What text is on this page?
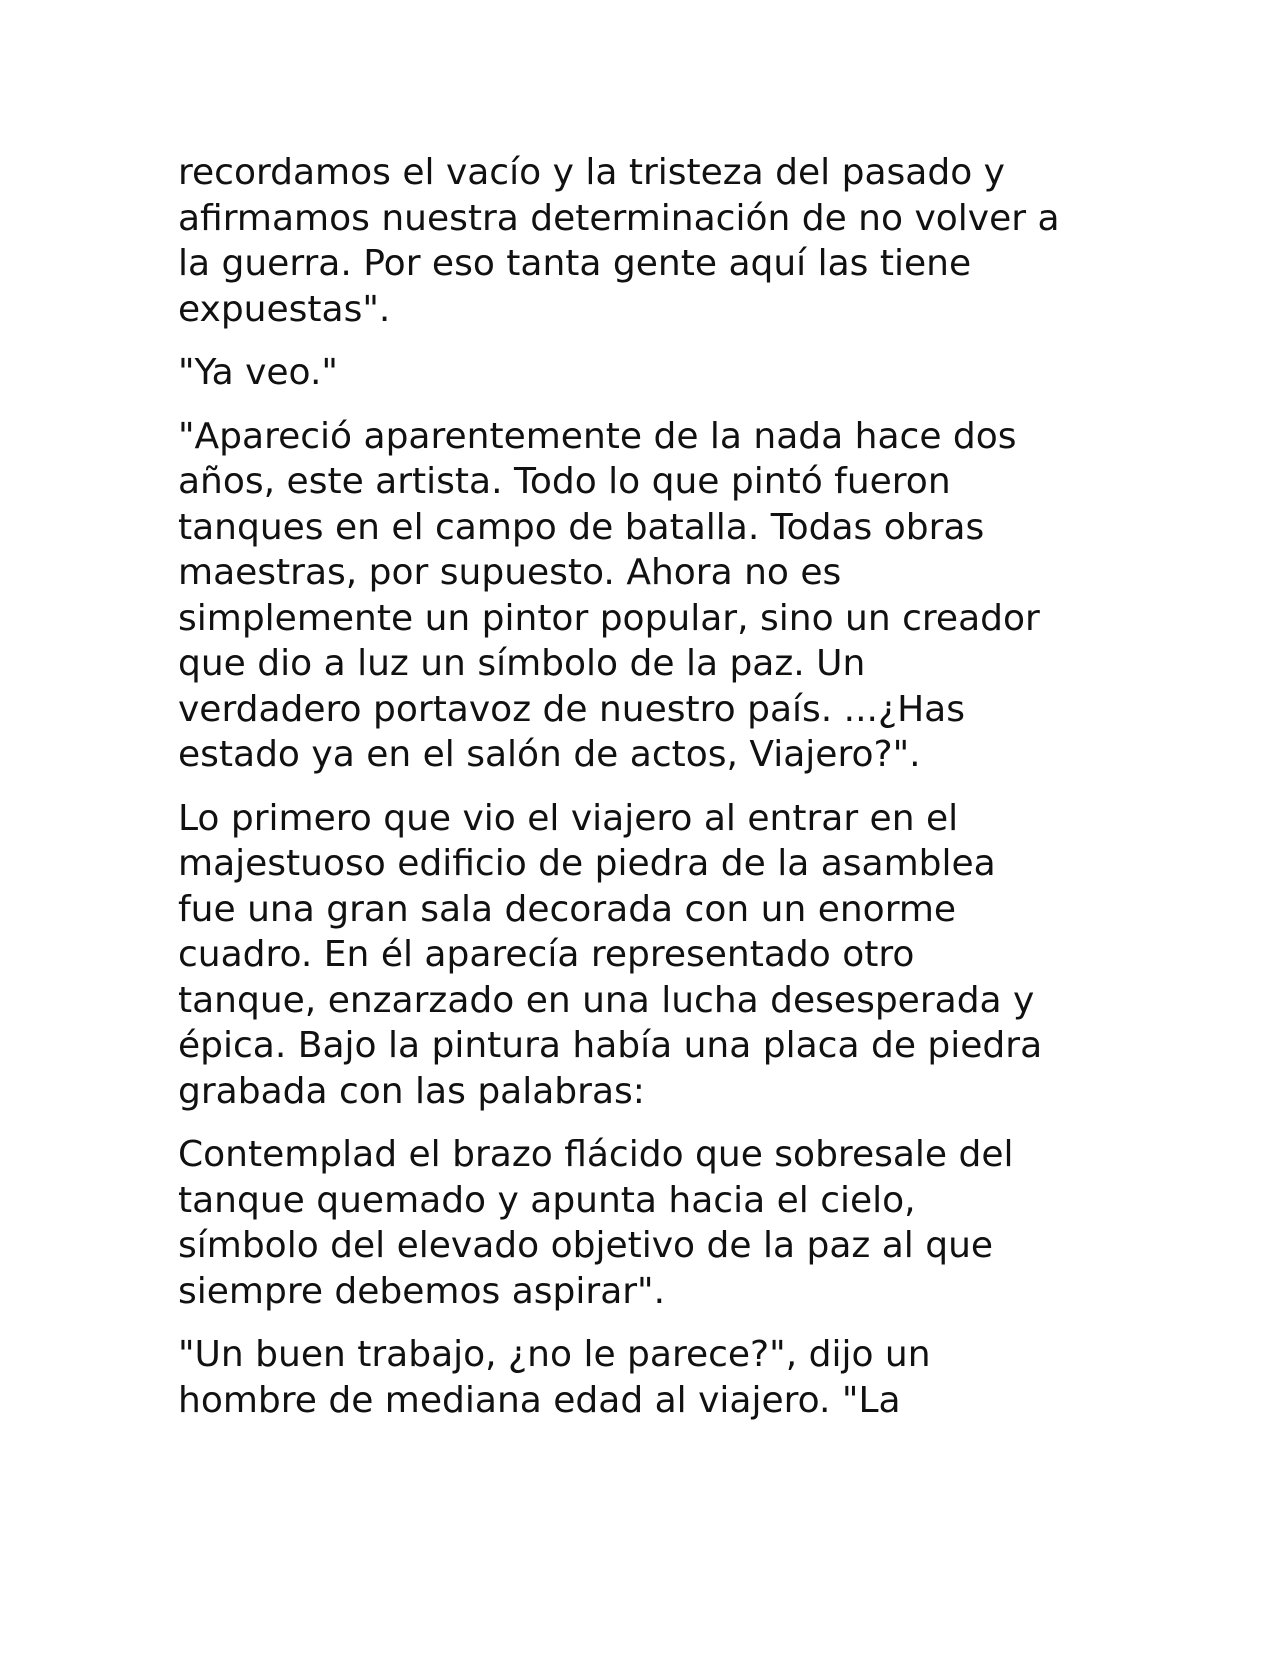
recordamos el vacío y la tristeza del pasado y
afirmamos nuestra determinación de no volver a
la guerra. Por eso tanta gente aquí las tiene
expuestas".
"Ya veo."
"Apareció aparentemente de la nada hace dos
años, este artista. Todo lo que pintó fueron
tanques en el campo de batalla. Todas obras
maestras, por supuesto. Ahora no es
simplemente un pintor popular, sino un creador
que dio a luz un símbolo de la paz. Un
verdadero portavoz de nuestro país. ...¿Has
estado ya en el salón de actos, Viajero?".
Lo primero que vio el viajero al entrar en el
majestuoso edificio de piedra de la asamblea
fue una gran sala decorada con un enorme
cuadro. En él aparecía representado otro
tanque, enzarzado en una lucha desesperada y
épica. Bajo la pintura había una placa de piedra
grabada con las palabras:
Contemplad el brazo flácido que sobresale del
tanque quemado y apunta hacia el cielo,
símbolo del elevado objetivo de la paz al que
siempre debemos aspirar".
"Un buen trabajo, ¿no le parece?", dijo un
hombre de mediana edad al viajero. "La
